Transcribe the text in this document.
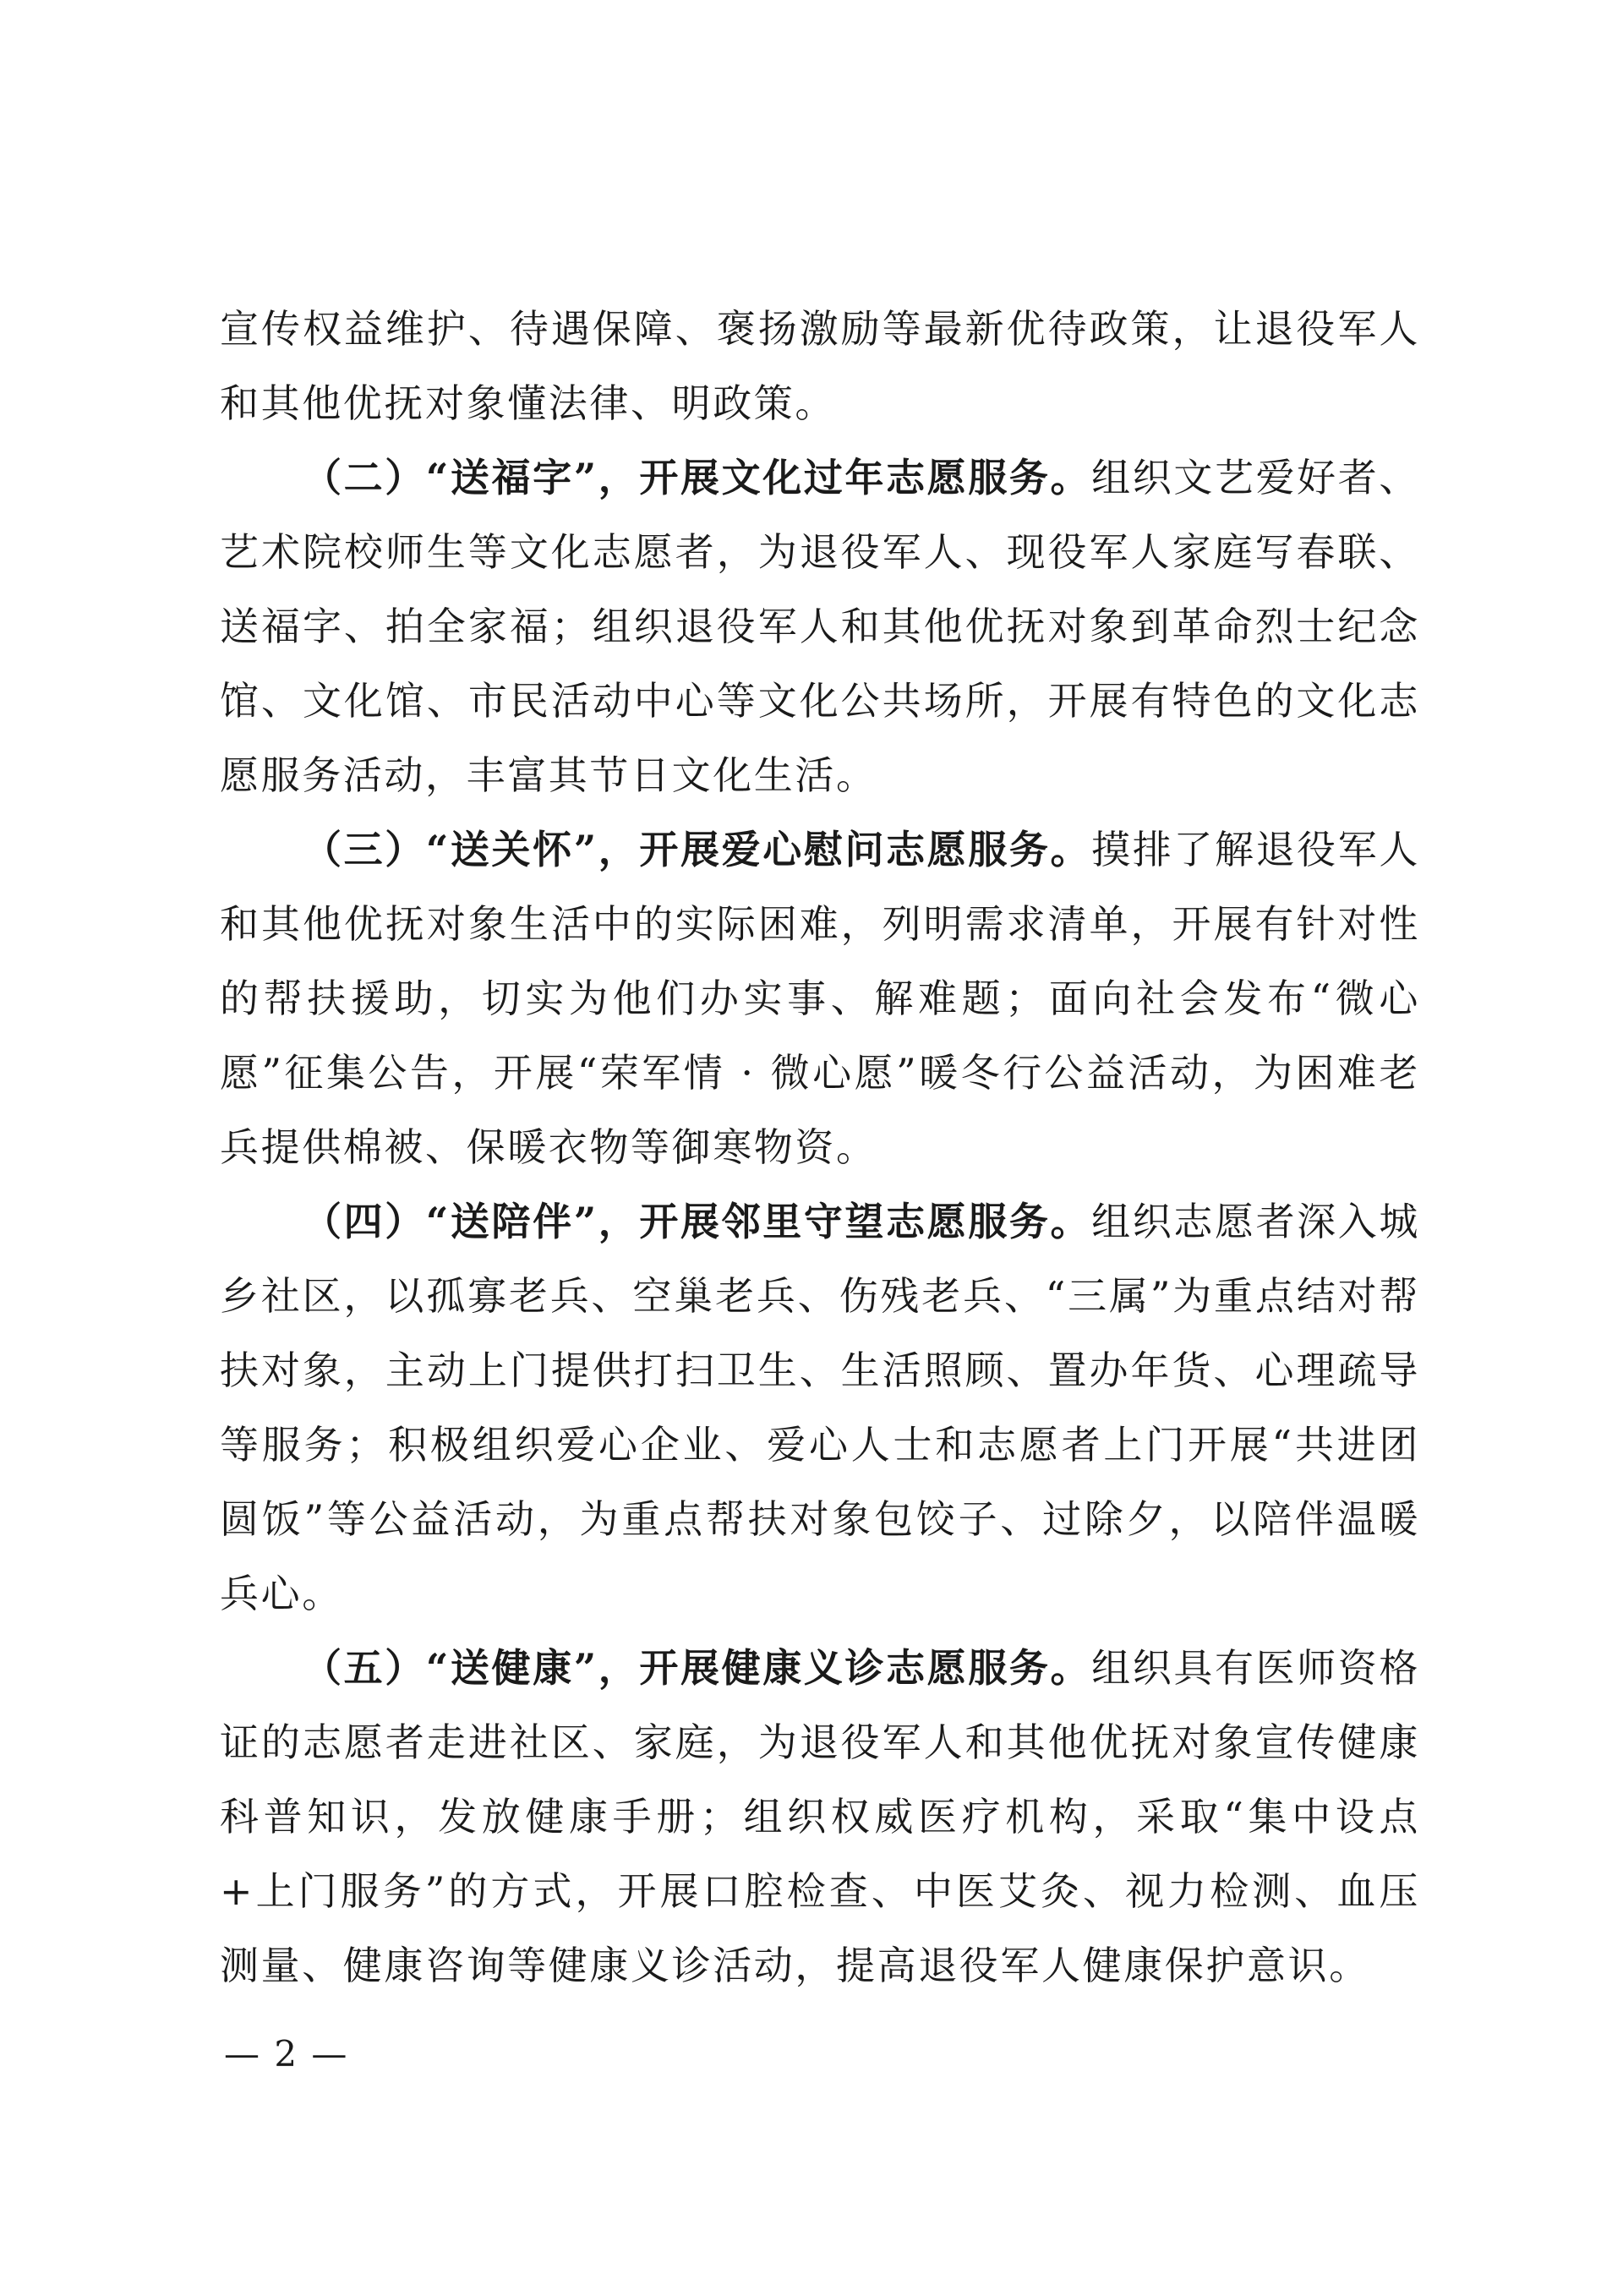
宣传权益维护、待遇保障、褒扬激励等最新优待政策，让退役军人和其他优抚对象懂法律、明政策。

（二）“送福字”，开展文化过年志愿服务。组织文艺爱好者、艺术院校师生等文化志愿者，为退役军人、现役军人家庭写春联、送福字、拍全家福；组织退役军人和其他优抚对象到革命烈士纪念馆、文化馆、市民活动中心等文化公共场所，开展有特色的文化志愿服务活动，丰富其节日文化生活。

（三）“送关怀”，开展爱心慰问志愿服务。摸排了解退役军人和其他优抚对象生活中的实际困难，列明需求清单，开展有针对性的帮扶援助，切实为他们办实事、解难题；面向社会发布“微心愿”征集公告，开展“荣军情 · 微心愿”暖冬行公益活动，为困难老兵提供棉被、保暖衣物等御寒物资。

（四）“送陪伴”，开展邻里守望志愿服务。组织志愿者深入城乡社区，以孤寡老兵、空巢老兵、伤残老兵、“三属”为重点结对帮扶对象，主动上门提供打扫卫生、生活照顾、置办年货、心理疏导等服务；积极组织爱心企业、爱心人士和志愿者上门开展“共进团圆饭”等公益活动，为重点帮扶对象包饺子、过除夕，以陪伴温暖兵心。

（五）“送健康”，开展健康义诊志愿服务。组织具有医师资格证的志愿者走进社区、家庭，为退役军人和其他优抚对象宣传健康科普知识，发放健康手册；组织权威医疗机构，采取“集中设点+上门服务”的方式，开展口腔检查、中医艾灸、视力检测、血压测量、健康咨询等健康义诊活动，提高退役军人健康保护意识。

— 2 —
